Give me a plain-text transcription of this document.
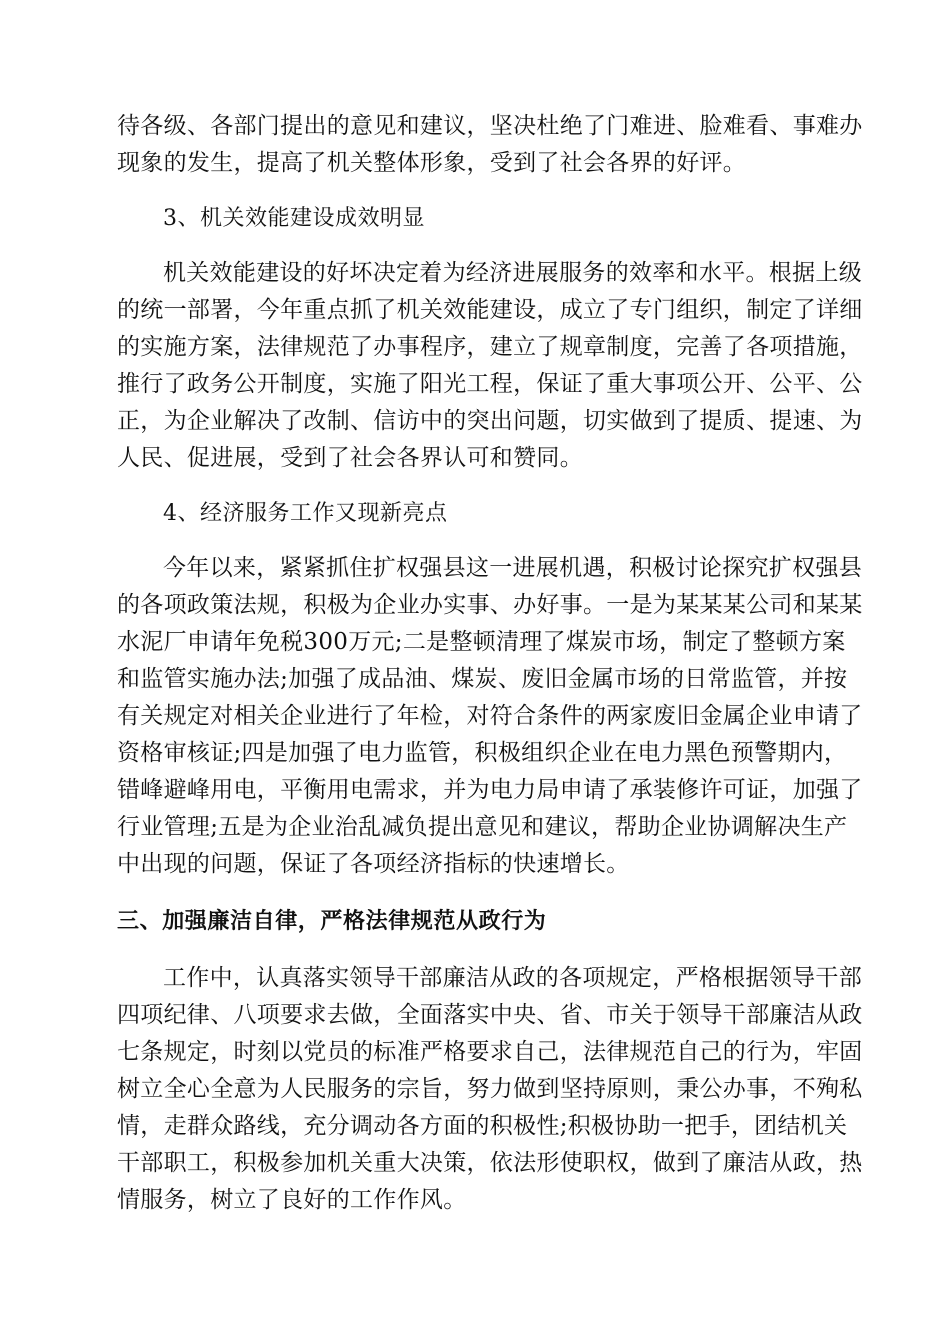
待各级、各部门提出的意见和建议，坚决杜绝了门难进、脸难看、事难办
现象的发生，提高了机关整体形象，受到了社会各界的好评。
3、机关效能建设成效明显
机关效能建设的好坏决定着为经济进展服务的效率和水平。根据上级
的统一部署，今年重点抓了机关效能建设，成立了专门组织，制定了详细
的实施方案，法律规范了办事程序，建立了规章制度，完善了各项措施，
推行了政务公开制度，实施了阳光工程，保证了重大事项公开、公平、公
正，为企业解决了改制、信访中的突出问题，切实做到了提质、提速、为
人民、促进展，受到了社会各界认可和赞同。
4、经济服务工作又现新亮点
今年以来，紧紧抓住扩权强县这一进展机遇，积极讨论探究扩权强县
的各项政策法规，积极为企业办实事、办好事。一是为某某某公司和某某
水泥厂申请年免税300万元;二是整顿清理了煤炭市场，制定了整顿方案
和监管实施办法;加强了成品油、煤炭、废旧金属市场的日常监管，并按
有关规定对相关企业进行了年检，对符合条件的两家废旧金属企业申请了
资格审核证;四是加强了电力监管，积极组织企业在电力黑色预警期内，
错峰避峰用电，平衡用电需求，并为电力局申请了承装修许可证，加强了
行业管理;五是为企业治乱减负提出意见和建议，帮助企业协调解决生产
中出现的问题，保证了各项经济指标的快速增长。
三、加强廉洁自律，严格法律规范从政行为
工作中，认真落实领导干部廉洁从政的各项规定，严格根据领导干部
四项纪律、八项要求去做，全面落实中央、省、市关于领导干部廉洁从政
七条规定，时刻以党员的标准严格要求自己，法律规范自己的行为，牢固
树立全心全意为人民服务的宗旨，努力做到坚持原则，秉公办事，不殉私
情，走群众路线，充分调动各方面的积极性;积极协助一把手，团结机关
干部职工，积极参加机关重大决策，依法形使职权，做到了廉洁从政，热
情服务，树立了良好的工作作风。
